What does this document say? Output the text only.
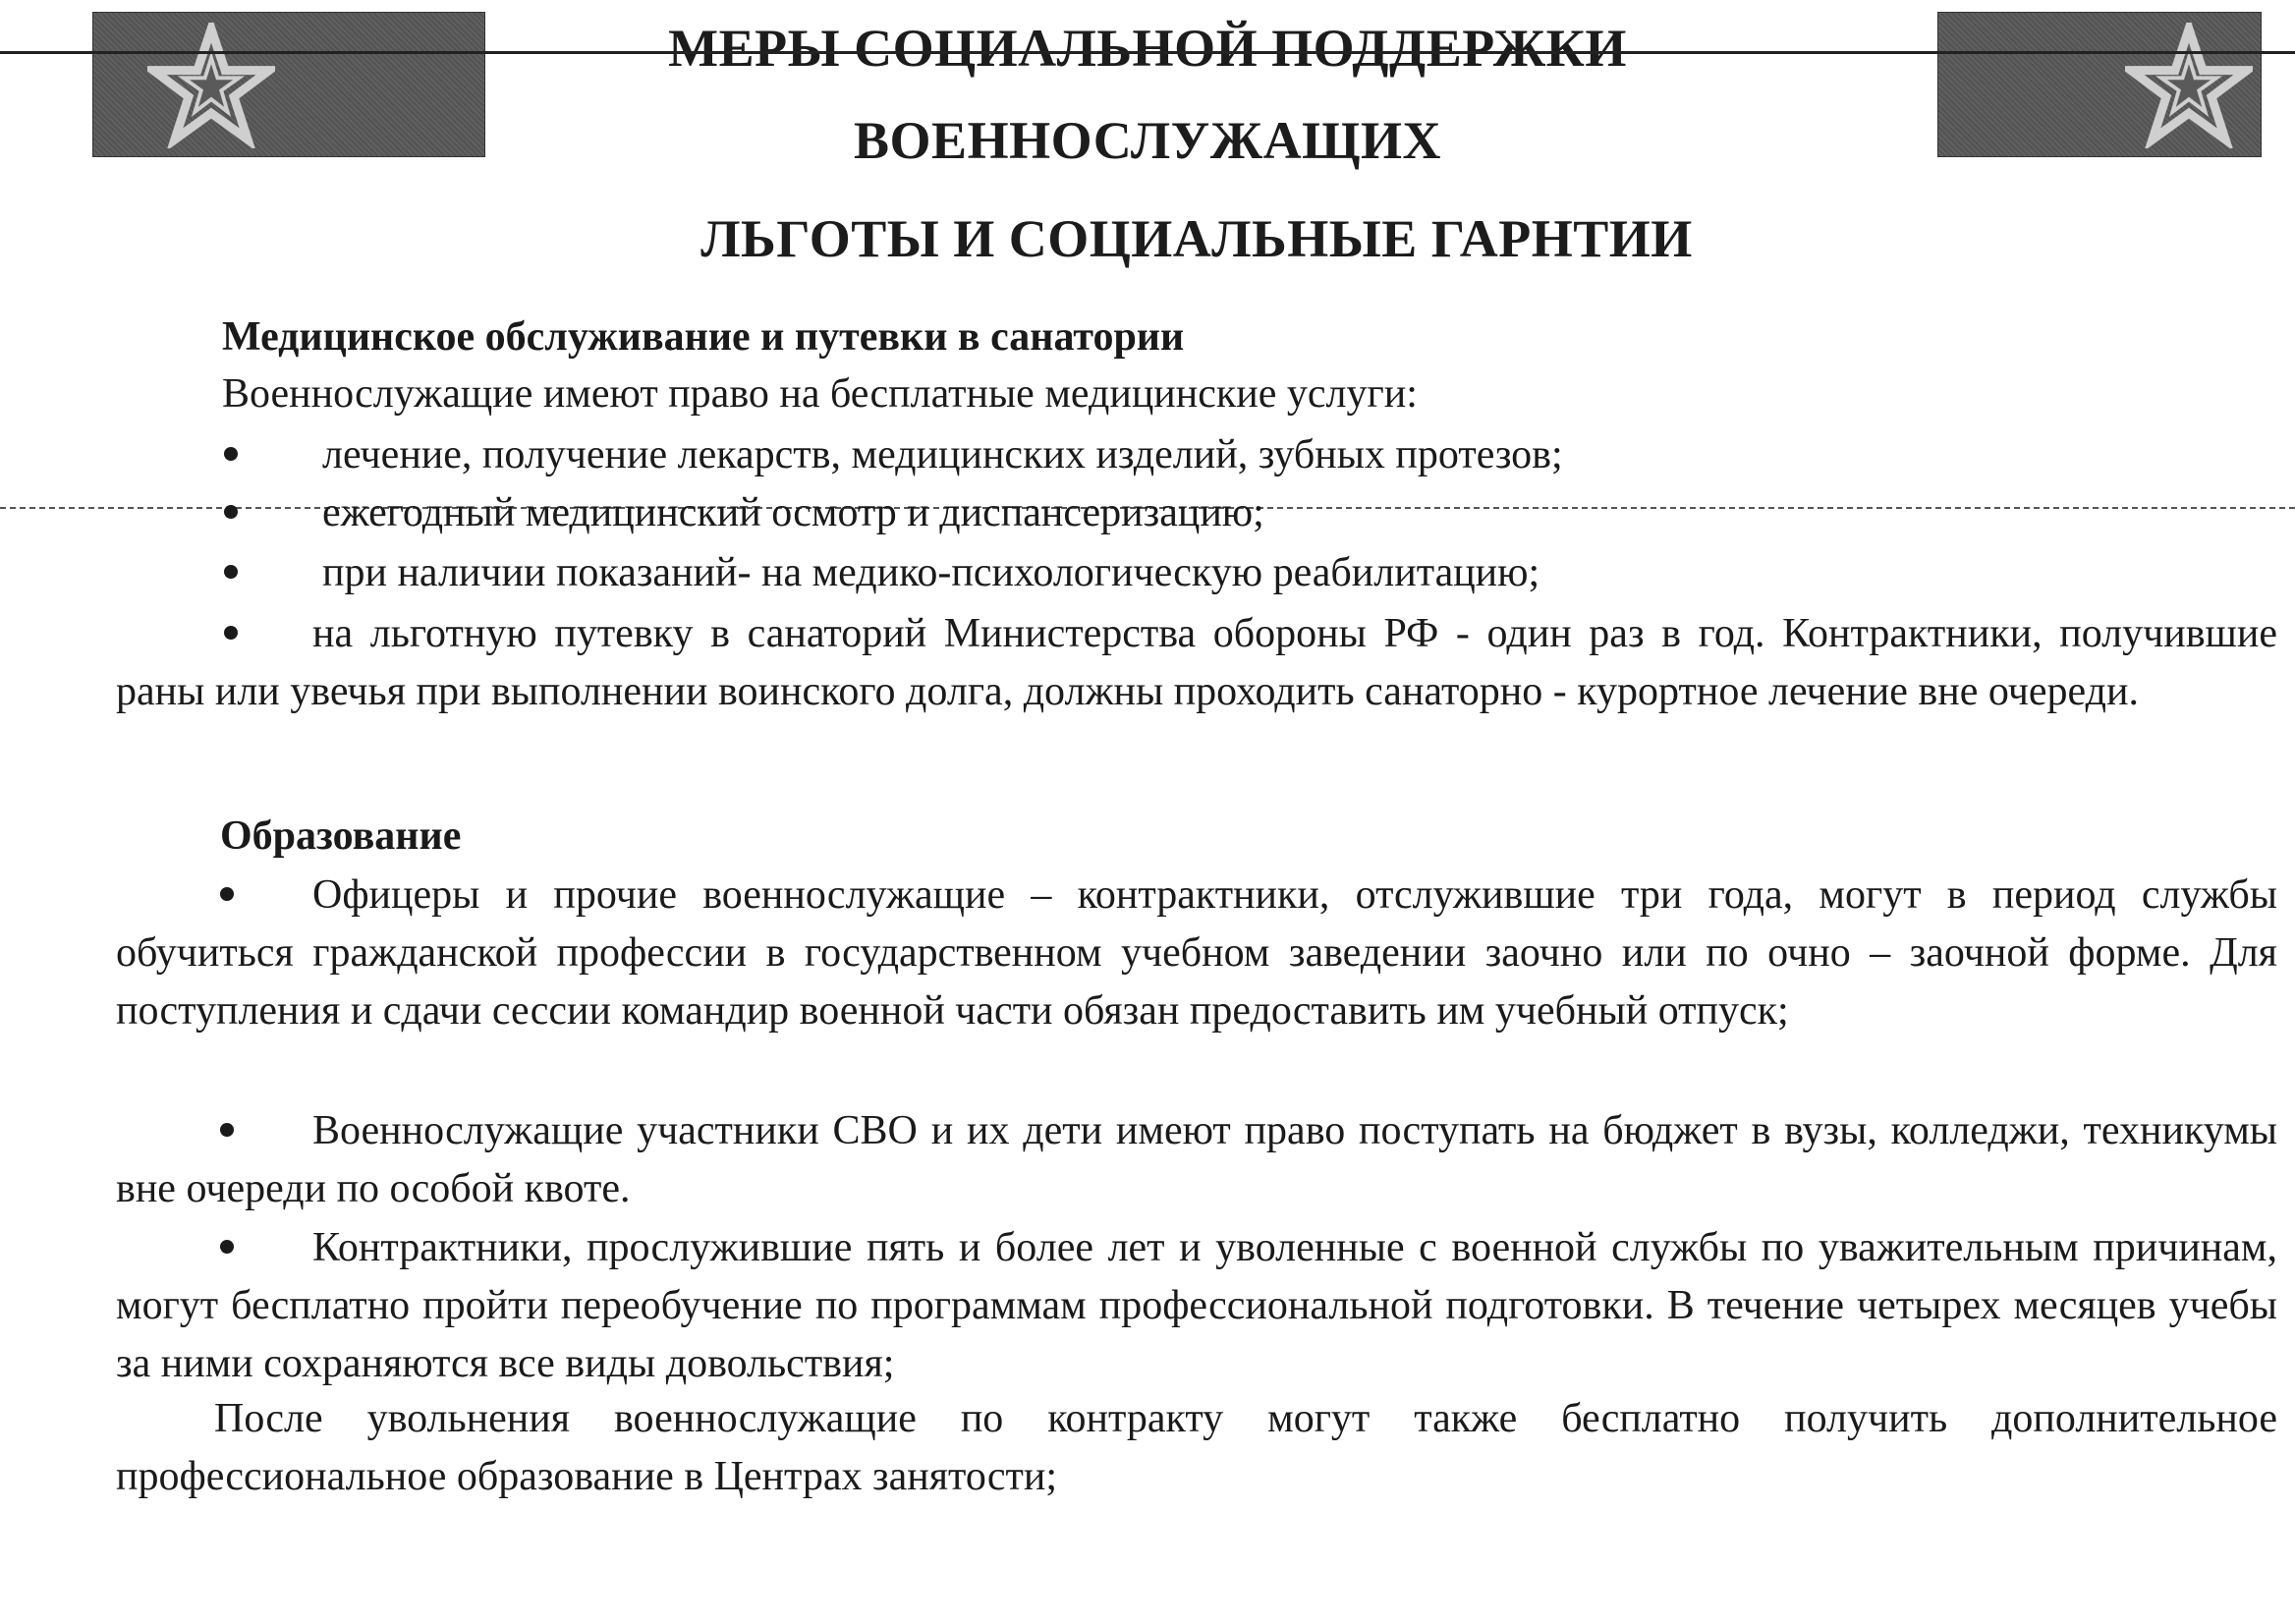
МЕРЫ СОЦИАЛЬНОЙ ПОДДЕРЖКИ
ВОЕННОСЛУЖАЩИХ
ЛЬГОТЫ И СОЦИАЛЬНЫЕ ГАРНТИИ
Медицинское обслуживание и путевки в санатории
Военнослужащие имеют право на бесплатные медицинские услуги:
лечение, получение лекарств, медицинских изделий, зубных протезов;
ежегодный медицинский осмотр и диспансеризацию;
при наличии показаний- на медико-психологическую реабилитацию;
на льготную путевку в санаторий Министерства обороны РФ - один раз в год. Контрактники, получившие раны или увечья при выполнении воинского долга, должны проходить санаторно - курортное лечение вне очереди.
Образование
Офицеры и прочие военнослужащие – контрактники, отслужившие три года, могут в период службы обучиться гражданской профессии в государственном учебном заведении заочно или по очно – заочной форме. Для поступления и сдачи сессии командир военной части обязан предоставить им учебный отпуск;
Военнослужащие участники СВО и их дети имеют право поступать на бюджет в вузы, колледжи, техникумы вне очереди по особой квоте.
Контрактники, прослужившие пять и более лет и уволенные с военной службы по уважительным причинам, могут бесплатно пройти переобучение по программам профессиональной подготовки. В течение четырех месяцев учебы за ними сохраняются все виды довольствия;
После увольнения военнослужащие по контракту могут также бесплатно получить дополнительное профессиональное образование в Центрах занятости;
